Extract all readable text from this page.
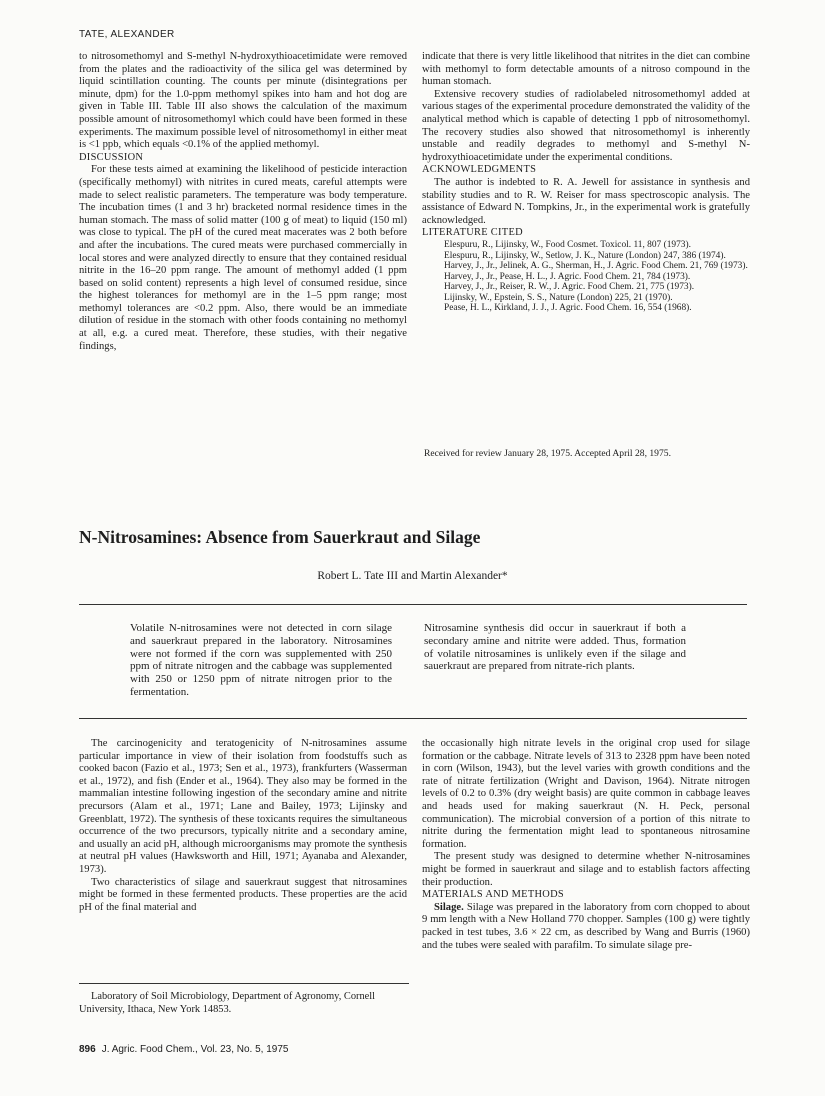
TATE, ALEXANDER

to nitrosomethomyl and S-methyl N-hydroxythioacetimidate were removed from the plates and the radioactivity of the silica gel was determined by liquid scintillation counting. The counts per minute (disintegrations per minute, dpm) for the 1.0-ppm methomyl spikes into ham and hot dog are given in Table III. Table III also shows the calculation of the maximum possible amount of nitrosomethomyl which could have been formed in these experiments. The maximum possible level of nitrosomethomyl in either meat is <1 ppb, which equals <0.1% of the applied methomyl.

DISCUSSION

For these tests aimed at examining the likelihood of pesticide interaction (specifically methomyl) with nitrites in cured meats, careful attempts were made to select realistic parameters. The temperature was body temperature. The incubation times (1 and 3 hr) bracketed normal residence times in the human stomach. The mass of solid matter (100 g of meat) to liquid (150 ml) was close to typical. The pH of the cured meat macerates was 2 both before and after the incubations. The cured meats were purchased commercially in local stores and were analyzed directly to ensure that they contained residual nitrite in the 16–20 ppm range. The amount of methomyl added (1 ppm based on solid content) represents a high level of consumed residue, since the highest tolerances for methomyl are in the 1–5 ppm range; most methomyl tolerances are <0.2 ppm. Also, there would be an immediate dilution of residue in the stomach with other foods containing no methomyl at all, e.g. a cured meat. Therefore, these studies, with their negative findings,

indicate that there is very little likelihood that nitrites in the diet can combine with methomyl to form detectable amounts of a nitroso compound in the human stomach.

Extensive recovery studies of radiolabeled nitrosomethomyl added at various stages of the experimental procedure demonstrated the validity of the analytical method which is capable of detecting 1 ppb of nitrosomethomyl. The recovery studies also showed that nitrosomethomyl is inherently unstable and readily degrades to methomyl and S-methyl N-hydroxythioacetimidate under the experimental conditions.

ACKNOWLEDGMENTS

The author is indebted to R. A. Jewell for assistance in synthesis and stability studies and to R. W. Reiser for mass spectroscopic analysis. The assistance of Edward N. Tompkins, Jr., in the experimental work is gratefully acknowledged.

LITERATURE CITED

Elespuru, R., Lijinsky, W., Food Cosmet. Toxicol. 11, 807 (1973).

Elespuru, R., Lijinsky, W., Setlow, J. K., Nature (London) 247, 386 (1974).

Harvey, J., Jr., Jelinek, A. G., Sherman, H., J. Agric. Food Chem. 21, 769 (1973).

Harvey, J., Jr., Pease, H. L., J. Agric. Food Chem. 21, 784 (1973).

Harvey, J., Jr., Reiser, R. W., J. Agric. Food Chem. 21, 775 (1973).

Lijinsky, W., Epstein, S. S., Nature (London) 225, 21 (1970).

Pease, H. L., Kirkland, J. J., J. Agric. Food Chem. 16, 554 (1968).

Received for review January 28, 1975. Accepted April 28, 1975.
N-Nitrosamines: Absence from Sauerkraut and Silage
Robert L. Tate III and Martin Alexander*

Volatile N-nitrosamines were not detected in corn silage and sauerkraut prepared in the laboratory. Nitrosamines were not formed if the corn was supplemented with 250 ppm of nitrate nitrogen and the cabbage was supplemented with 250 or 1250 ppm of nitrate nitrogen prior to the fermentation.

Nitrosamine synthesis did occur in sauerkraut if both a secondary amine and nitrite were added. Thus, formation of volatile nitrosamines is unlikely even if the silage and sauerkraut are prepared from nitrate-rich plants.

The carcinogenicity and teratogenicity of N-nitrosamines assume particular importance in view of their isolation from foodstuffs such as cooked bacon (Fazio et al., 1973; Sen et al., 1973), frankfurters (Wasserman et al., 1972), and fish (Ender et al., 1964). They also may be formed in the mammalian intestine following ingestion of the secondary amine and nitrite precursors (Alam et al., 1971; Lane and Bailey, 1973; Lijinsky and Greenblatt, 1972). The synthesis of these toxicants requires the simultaneous occurrence of the two precursors, typically nitrite and a secondary amine, and usually an acid pH, although microorganisms may promote the synthesis at neutral pH values (Hawksworth and Hill, 1971; Ayanaba and Alexander, 1973).

Two characteristics of silage and sauerkraut suggest that nitrosamines might be formed in these fermented products. These properties are the acid pH of the final material and

Laboratory of Soil Microbiology, Department of Agronomy, Cornell University, Ithaca, New York 14853.

the occasionally high nitrate levels in the original crop used for silage formation or the cabbage. Nitrate levels of 313 to 2328 ppm have been noted in corn (Wilson, 1943), but the level varies with growth conditions and the rate of nitrate fertilization (Wright and Davison, 1964). Nitrate nitrogen levels of 0.2 to 0.3% (dry weight basis) are quite common in cabbage leaves and heads used for making sauerkraut (N. H. Peck, personal communication). The microbial conversion of a portion of this nitrate to nitrite during the fermentation might lead to spontaneous nitrosamine formation.

The present study was designed to determine whether N-nitrosamines might be formed in sauerkraut and silage and to establish factors affecting their production.

MATERIALS AND METHODS

Silage. Silage was prepared in the laboratory from corn chopped to about 9 mm length with a New Holland 770 chopper. Samples (100 g) were tightly packed in test tubes, 3.6 × 22 cm, as described by Wang and Burris (1960) and the tubes were sealed with parafilm. To simulate silage pre-

896 J. Agric. Food Chem., Vol. 23, No. 5, 1975
